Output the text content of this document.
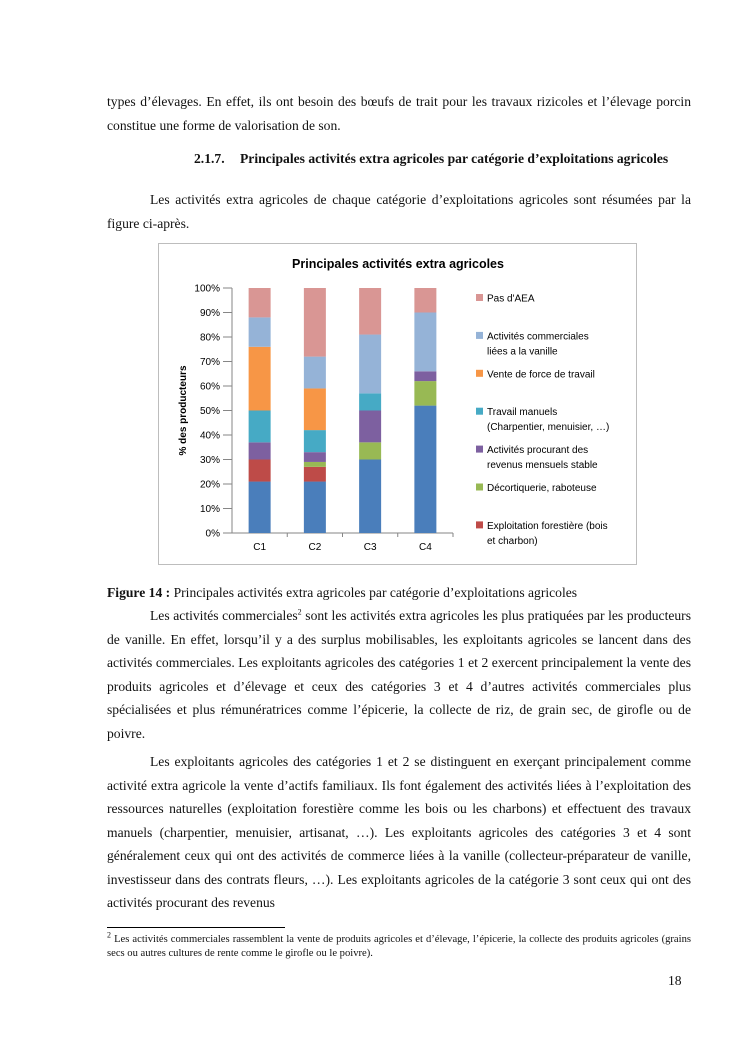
types d’élevages. En effet, ils ont besoin des bœufs de trait pour les travaux rizicoles et l’élevage porcin constitue une forme de valorisation de son.

2.1.7.	Principales activités extra agricoles par catégorie d’exploitations agricoles

Les activités extra agricoles de chaque catégorie d’exploitations agricoles sont résumées par la figure ci-après.

Principales activités extra agricoles
% des producteurs
0%
10%
20%
30%
40%
50%
60%
70%
80%
90%
100%
C1	C2	C3	C4
Pas d'AEA
Activités commerciales
liées a la vanille
Vente de force de travail
Travail manuels
(Charpentier, menuisier, …)
Activités procurant des
revenus mensuels stable
Décortiquerie, raboteuse
Exploitation forestière (bois
et charbon)

Figure 14 : Principales activités extra agricoles par catégorie d’exploitations agricoles

Les activités commerciales$^2$ sont les activités extra agricoles les plus pratiquées par les producteurs de vanille. En effet, lorsqu’il y a des surplus mobilisables, les exploitants agricoles se lancent dans des activités commerciales. Les exploitants agricoles des catégories 1 et 2 exercent principalement la vente des produits agricoles et d’élevage et ceux des catégories 3 et 4 d’autres activités commerciales plus spécialisées et plus rémunératrices comme l’épicerie, la collecte de riz, de grain sec, de girofle ou de poivre.

Les exploitants agricoles des catégories 1 et 2 se distinguent en exerçant principalement comme activité extra agricole la vente d’actifs familiaux. Ils font également des activités liées à l’exploitation des ressources naturelles (exploitation forestière comme les bois ou les charbons) et effectuent des travaux manuels (charpentier, menuisier, artisanat, …). Les exploitants agricoles des catégories 3 et 4 sont généralement ceux qui ont des activités de commerce liées à la vanille (collecteur-préparateur de vanille, investisseur dans des contrats fleurs, …). Les exploitants agricoles de la catégorie 3 sont ceux qui ont des activités procurant des revenus

$^2$ Les activités commerciales rassemblent la vente de produits agricoles et d’élevage, l’épicerie, la collecte des produits agricoles (grains secs ou autres cultures de rente comme le girofle ou le poivre).

18
